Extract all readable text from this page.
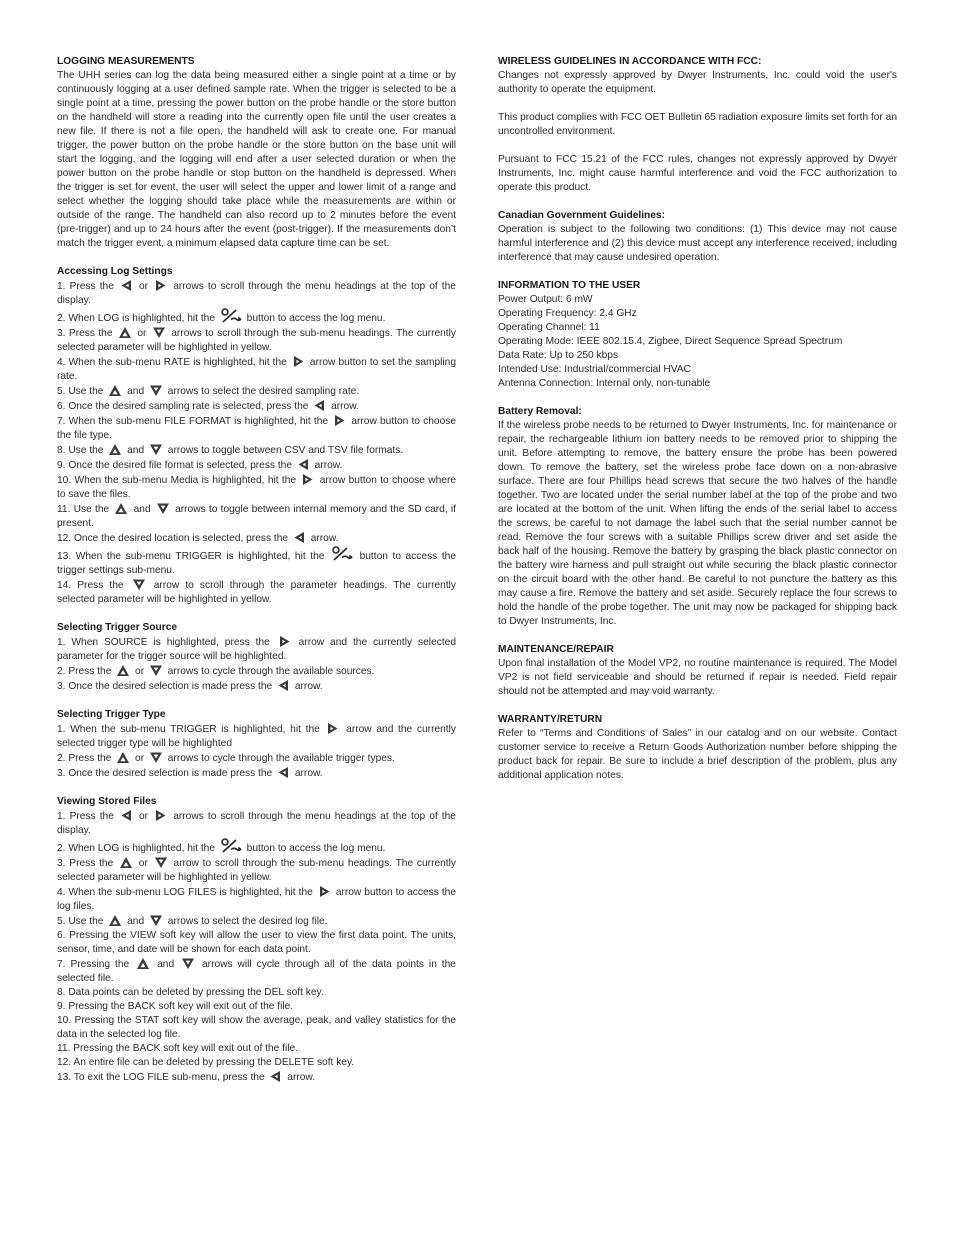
LOGGING MEASUREMENTS

The UHH series can log the data being measured either a single point at a time or by continuously logging at a user defined sample rate. When the trigger is selected to be a single point at a time, pressing the power button on the probe handle or the store button on the handheld will store a reading into the currently open file until the user creates a new file. If there is not a file open, the handheld will ask to create one. For manual trigger, the power button on the probe handle or the store button on the base unit will start the logging, and the logging will end after a user selected duration or when the power button on the probe handle or stop button on the handheld is depressed. When the trigger is set for event, the user will select the upper and lower limit of a range and select whether the logging should take place while the measurements are within or outside of the range. The handheld can also record up to 2 minutes before the event (pre-trigger) and up to 24 hours after the event (post-trigger). If the measurements don’t match the trigger event, a minimum elapsed data capture time can be set.

Accessing Log Settings

1. Press the
or
arrows to scroll through the menu headings at the top of the display.

2. When LOG is highlighted, hit the	button to access the log menu.

3. Press the
or
arrows to scroll through the sub-menu headings. The currently selected parameter will be highlighted in yellow.

4. When the sub-menu RATE is highlighted, hit the
arrow button to set the sampling rate.

5. Use the
and
arrows to select the desired sampling rate.

6. Once the desired sampling rate is selected, press the
arrow.

7. When the sub-menu FILE FORMAT is highlighted, hit the
arrow button to choose the file type.

8. Use the
and
arrows to toggle between CSV and TSV file formats.

9. Once the desired file format is selected, press the
arrow.

10. When the sub-menu Media is highlighted, hit the
arrow button to choose where to save the files.

11. Use the
and
arrows to toggle between internal memory and the SD card, if present.

12. Once the desired location is selected, press the
arrow.

13. When the sub-menu TRIGGER is highlighted, hit the	button to access the trigger settings sub-menu.

14. Press the
arrow to scroll through the parameter headings. The currently selected parameter will be highlighted in yellow.

Selecting Trigger Source

1. When SOURCE is highlighted, press the
arrow and the currently selected parameter for the trigger source will be highlighted.

2. Press the
or
arrows to cycle through the available sources.

3. Once the desired selection is made press the
arrow.

Selecting Trigger Type

1. When the sub-menu TRIGGER is highlighted, hit the
arrow and the currently selected trigger type will be highlighted

2. Press the
or
arrows to cycle through the available trigger types.

3. Once the desired selection is made press the
arrow.

Viewing Stored Files

1. Press the
or
arrows to scroll through the menu headings at the top of the display.

2. When LOG is highlighted, hit the	button to access the log menu.

3. Press the
or
arrow to scroll through the sub-menu headings. The currently selected parameter will be highlighted in yellow.

4. When the sub-menu LOG FILES is highlighted, hit the
arrow button to access the log files.

5. Use the
and
arrows to select the desired log file.

6. Pressing the VIEW soft key will allow the user to view the first data point. The units, sensor, time, and date will be shown for each data point.

7. Pressing the
and
arrows will cycle through all of the data points in the selected file.

8. Data points can be deleted by pressing the DEL soft key.

9. Pressing the BACK soft key will exit out of the file.

10. Pressing the STAT soft key will show the average, peak, and valley statistics for the data in the selected log file.

11. Pressing the BACK soft key will exit out of the file.

12. An entire file can be deleted by pressing the DELETE soft key.

13. To exit the LOG FILE sub-menu, press the
arrow.

WIRELESS GUIDELINES IN ACCORDANCE WITH FCC:

Changes not expressly approved by Dwyer Instruments, Inc. could void the user's authority to operate the equipment.

This product complies with FCC OET Bulletin 65 radiation exposure limits set forth for an uncontrolled environment.

Pursuant to FCC 15.21 of the FCC rules, changes not expressly approved by Dwyer Instruments, Inc. might cause harmful interference and void the FCC authorization to operate this product.

Canadian Government Guidelines:

Operation is subject to the following two conditions: (1) This device may not cause harmful interference and (2) this device must accept any interference received, including interference that may cause undesired operation.

INFORMATION TO THE USER

Power Output: 6 mW

Operating Frequency: 2.4 GHz

Operating Channel: 11

Operating Mode: IEEE 802.15.4, Zigbee, Direct Sequence Spread Spectrum

Data Rate: Up to 250 kbps

Intended Use: Industrial/commercial HVAC

Antenna Connection: Internal only, non-tunable

Battery Removal:

If the wireless probe needs to be returned to Dwyer Instruments, Inc. for maintenance or repair, the rechargeable lithium ion battery needs to be removed prior to shipping the unit. Before attempting to remove, the battery ensure the probe has been powered down. To remove the battery, set the wireless probe face down on a non-abrasive surface. There are four Phillips head screws that secure the two halves of the handle together. Two are located under the serial number label at the top of the probe and two are located at the bottom of the unit. When lifting the ends of the serial label to access the screws, be careful to not damage the label such that the serial number cannot be read. Remove the four screws with a suitable Phillips screw driver and set aside the back half of the housing. Remove the battery by grasping the black plastic connector on the battery wire harness and pull straight out while securing the black plastic connector on the circuit board with the other hand. Be careful to not puncture the battery as this may cause a fire. Remove the battery and set aside. Securely replace the four screws to hold the handle of the probe together. The unit may now be packaged for shipping back to Dwyer Instruments, Inc.

MAINTENANCE/REPAIR

Upon final installation of the Model VP2, no routine maintenance is required. The Model VP2 is not field serviceable and should be returned if repair is needed. Field repair should not be attempted and may void warranty.

WARRANTY/RETURN

Refer to “Terms and Conditions of Sales” in our catalog and on our website. Contact customer service to receive a Return Goods Authorization number before shipping the product back for repair. Be sure to include a brief description of the problem, plus any additional application notes.
